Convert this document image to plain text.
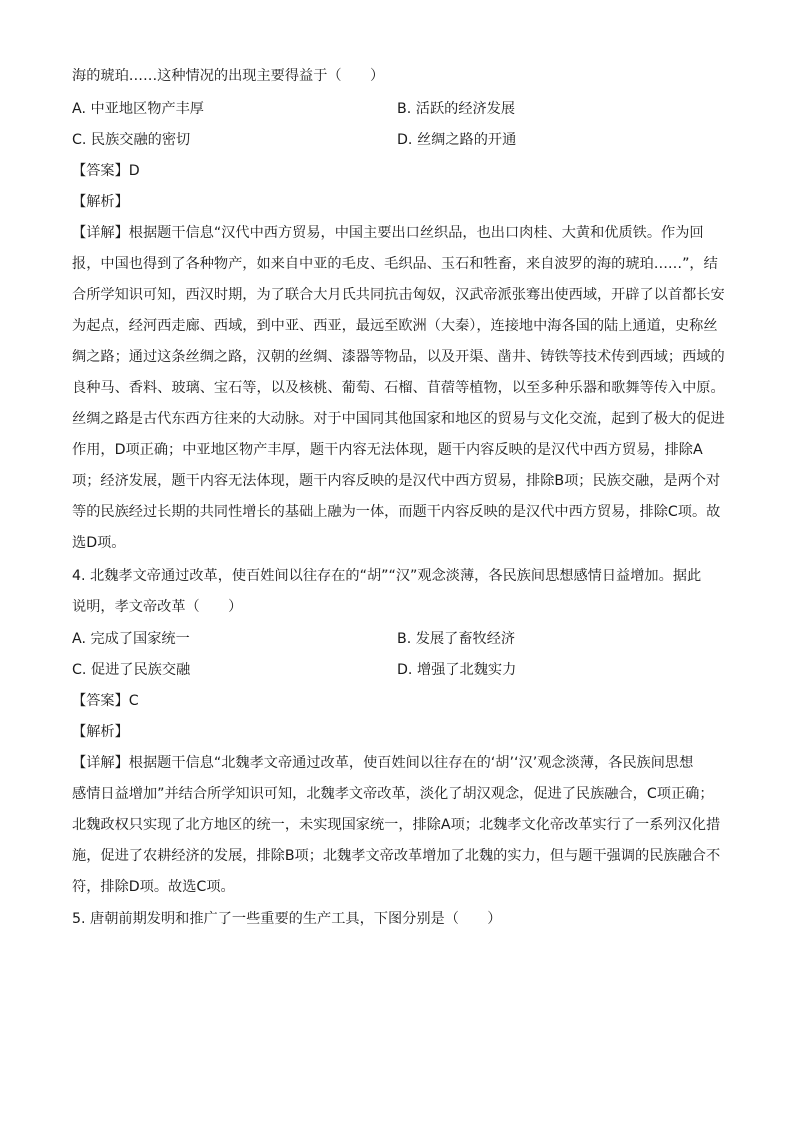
海的琥珀……这种情况的出现主要得益于（　　）
A. 中亚地区物产丰厚	B. 活跃的经济发展
C. 民族交融的密切	D. 丝绸之路的开通
【答案】D
【解析】
【详解】根据题干信息“汉代中西方贸易，中国主要出口丝织品，也出口肉桂、大黄和优质铁。作为回
报，中国也得到了各种物产，如来自中亚的毛皮、毛织品、玉石和牲畜，来自波罗的海的琥珀……”，结
合所学知识可知，西汉时期，为了联合大月氏共同抗击匈奴，汉武帝派张骞出使西域，开辟了以首都长安
为起点，经河西走廊、西域，到中亚、西亚，最远至欧洲（大秦），连接地中海各国的陆上通道，史称丝
绸之路；通过这条丝绸之路，汉朝的丝绸、漆器等物品，以及开渠、凿井、铸铁等技术传到西域；西域的
良种马、香料、玻璃、宝石等，以及核桃、葡萄、石榴、苜蓿等植物，以至多种乐器和歌舞等传入中原。
丝绸之路是古代东西方往来的大动脉。对于中国同其他国家和地区的贸易与文化交流，起到了极大的促进
作用，D项正确；中亚地区物产丰厚，题干内容无法体现，题干内容反映的是汉代中西方贸易，排除A
项；经济发展，题干内容无法体现，题干内容反映的是汉代中西方贸易，排除B项；民族交融，是两个对
等的民族经过长期的共同性增长的基础上融为一体，而题干内容反映的是汉代中西方贸易，排除C项。故
选D项。
4. 北魏孝文帝通过改革，使百姓间以往存在的“胡”“汉”观念淡薄，各民族间思想感情日益增加。据此
说明，孝文帝改革（　　）
A. 完成了国家统一	B. 发展了畜牧经济
C. 促进了民族交融	D. 增强了北魏实力
【答案】C
【解析】
【详解】根据题干信息“北魏孝文帝通过改革，使百姓间以往存在的‘胡’‘汉’观念淡薄，各民族间思想
感情日益增加”并结合所学知识可知，北魏孝文帝改革，淡化了胡汉观念，促进了民族融合，C项正确；
北魏政权只实现了北方地区的统一，未实现国家统一，排除A项；北魏孝文化帝改革实行了一系列汉化措
施，促进了农耕经济的发展，排除B项；北魏孝文帝改革增加了北魏的实力，但与题干强调的民族融合不
符，排除D项。故选C项。
5. 唐朝前期发明和推广了一些重要的生产工具，下图分别是（　　）
